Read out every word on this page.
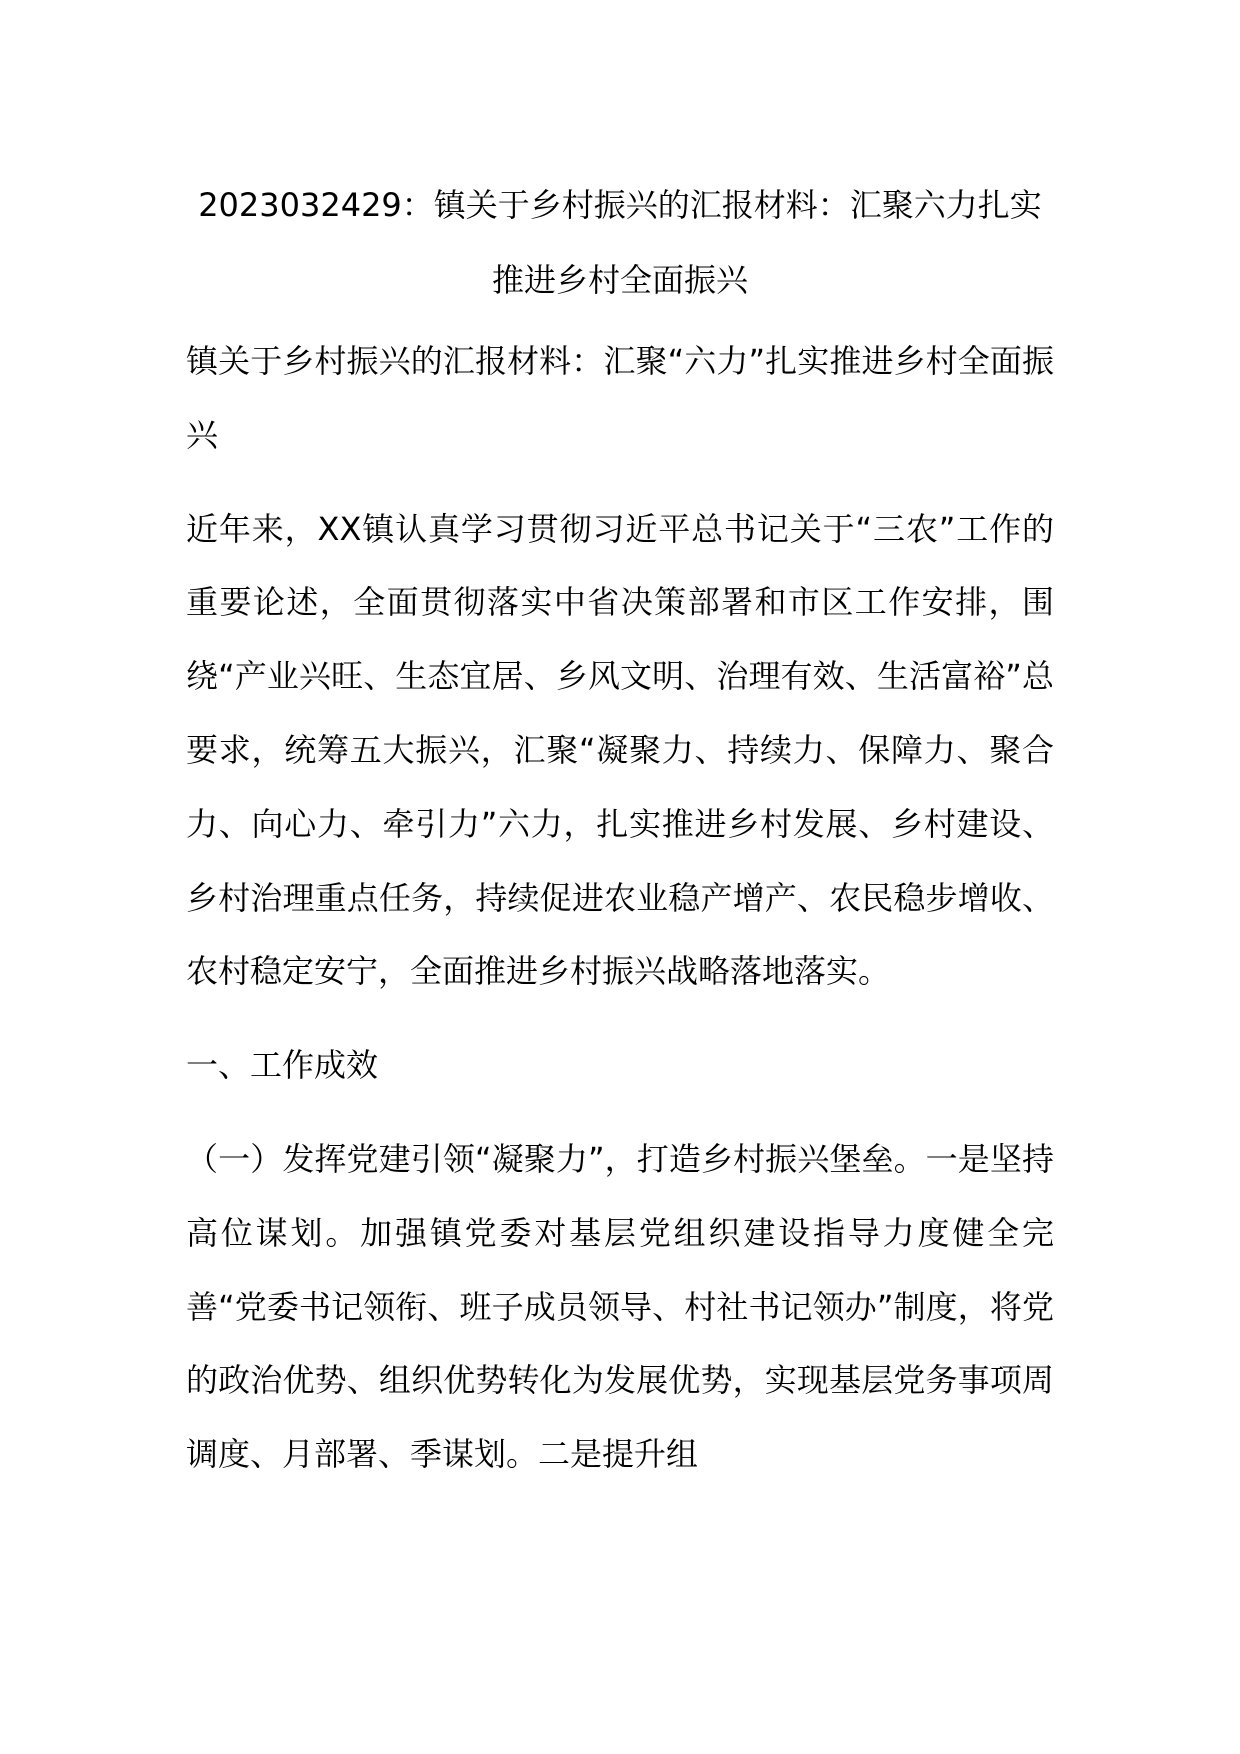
2023032429：镇关于乡村振兴的汇报材料：汇聚六力扎实推进乡村全面振兴

镇关于乡村振兴的汇报材料：汇聚“六力”扎实推进乡村全面振兴

近年来，XX镇认真学习贯彻习近平总书记关于“三农”工作的重要论述，全面贯彻落实中省决策部署和市区工作安排，围绕“产业兴旺、生态宜居、乡风文明、治理有效、生活富裕”总要求，统筹五大振兴，汇聚“凝聚力、持续力、保障力、聚合力、向心力、牵引力”六力，扎实推进乡村发展、乡村建设、乡村治理重点任务，持续促进农业稳产增产、农民稳步增收、农村稳定安宁，全面推进乡村振兴战略落地落实。

一、工作成效

（一）发挥党建引领“凝聚力”，打造乡村振兴堡垒。一是坚持高位谋划。加强镇党委对基层党组织建设指导力度健全完善“党委书记领衔、班子成员领导、村社书记领办”制度，将党的政治优势、组织优势转化为发展优势，实现基层党务事项周调度、月部署、季谋划。二是提升组
